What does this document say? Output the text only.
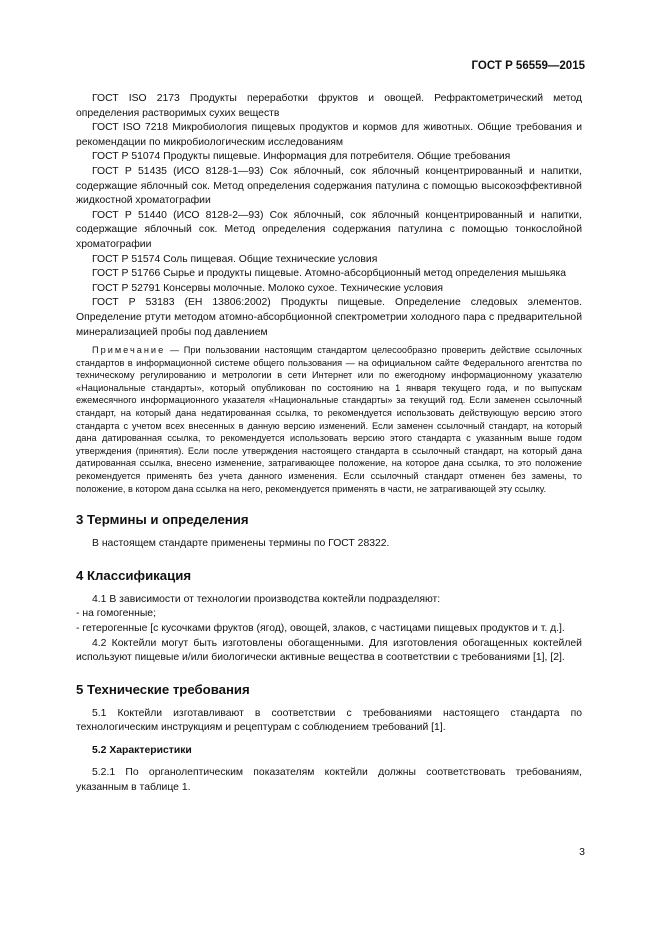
ГОСТ Р 56559—2015

ГОСТ ISO 2173 Продукты переработки фруктов и овощей. Рефрактометрический метод определения растворимых сухих веществ

ГОСТ ISO 7218 Микробиология пищевых продуктов и кормов для животных. Общие требования и рекомендации по микробиологическим исследованиям

ГОСТ Р 51074 Продукты пищевые. Информация для потребителя. Общие требования

ГОСТ Р 51435 (ИСО 8128-1—93) Сок яблочный, сок яблочный концентрированный и напитки, содержащие яблочный сок. Метод определения содержания патулина с помощью высокоэффективной жидкостной хроматографии

ГОСТ Р 51440 (ИСО 8128-2—93) Сок яблочный, сок яблочный концентрированный и напитки, содержащие яблочный сок. Метод определения содержания патулина с помощью тонкослойной хроматографии

ГОСТ Р 51574 Соль пищевая. Общие технические условия

ГОСТ Р 51766 Сырье и продукты пищевые. Атомно-абсорбционный метод определения мышьяка

ГОСТ Р 52791 Консервы молочные. Молоко сухое. Технические условия

ГОСТ Р 53183 (ЕН 13806:2002) Продукты пищевые. Определение следовых элементов. Определение ртути методом атомно-абсорбционной спектрометрии холодного пара с предварительной минерализацией пробы под давлением

Примечание — При пользовании настоящим стандартом целесообразно проверить действие ссылочных стандартов в информационной системе общего пользования — на официальном сайте Федерального агентства по техническому регулированию и метрологии в сети Интернет или по ежегодному информационному указателю «Национальные стандарты», который опубликован по состоянию на 1 января текущего года, и по выпускам ежемесячного информационного указателя «Национальные стандарты» за текущий год. Если заменен ссылочный стандарт, на который дана недатированная ссылка, то рекомендуется использовать действующую версию этого стандарта с учетом всех внесенных в данную версию изменений. Если заменен ссылочный стандарт, на который дана датированная ссылка, то рекомендуется использовать версию этого стандарта с указанным выше годом утверждения (принятия). Если после утверждения настоящего стандарта в ссылочный стандарт, на который дана датированная ссылка, внесено изменение, затрагивающее положение, на которое дана ссылка, то это положение рекомендуется применять без учета данного изменения. Если ссылочный стандарт отменен без замены, то положение, в котором дана ссылка на него, рекомендуется применять в части, не затрагивающей эту ссылку.

3 Термины и определения

В настоящем стандарте применены термины по ГОСТ 28322.

4 Классификация

4.1 В зависимости от технологии производства коктейли подразделяют:

- на гомогенные;

- гетерогенные [с кусочками фруктов (ягод), овощей, злаков, с частицами пищевых продуктов и т. д.].

4.2 Коктейли могут быть изготовлены обогащенными. Для изготовления обогащенных коктейлей используют пищевые и/или биологически активные вещества в соответствии с требованиями [1], [2].

5 Технические требования

5.1 Коктейли изготавливают в соответствии с требованиями настоящего стандарта по технологическим инструкциям и рецептурам с соблюдением требований [1].

5.2 Характеристики

5.2.1 По органолептическим показателям коктейли должны соответствовать требованиям, указанным в таблице 1.

3
